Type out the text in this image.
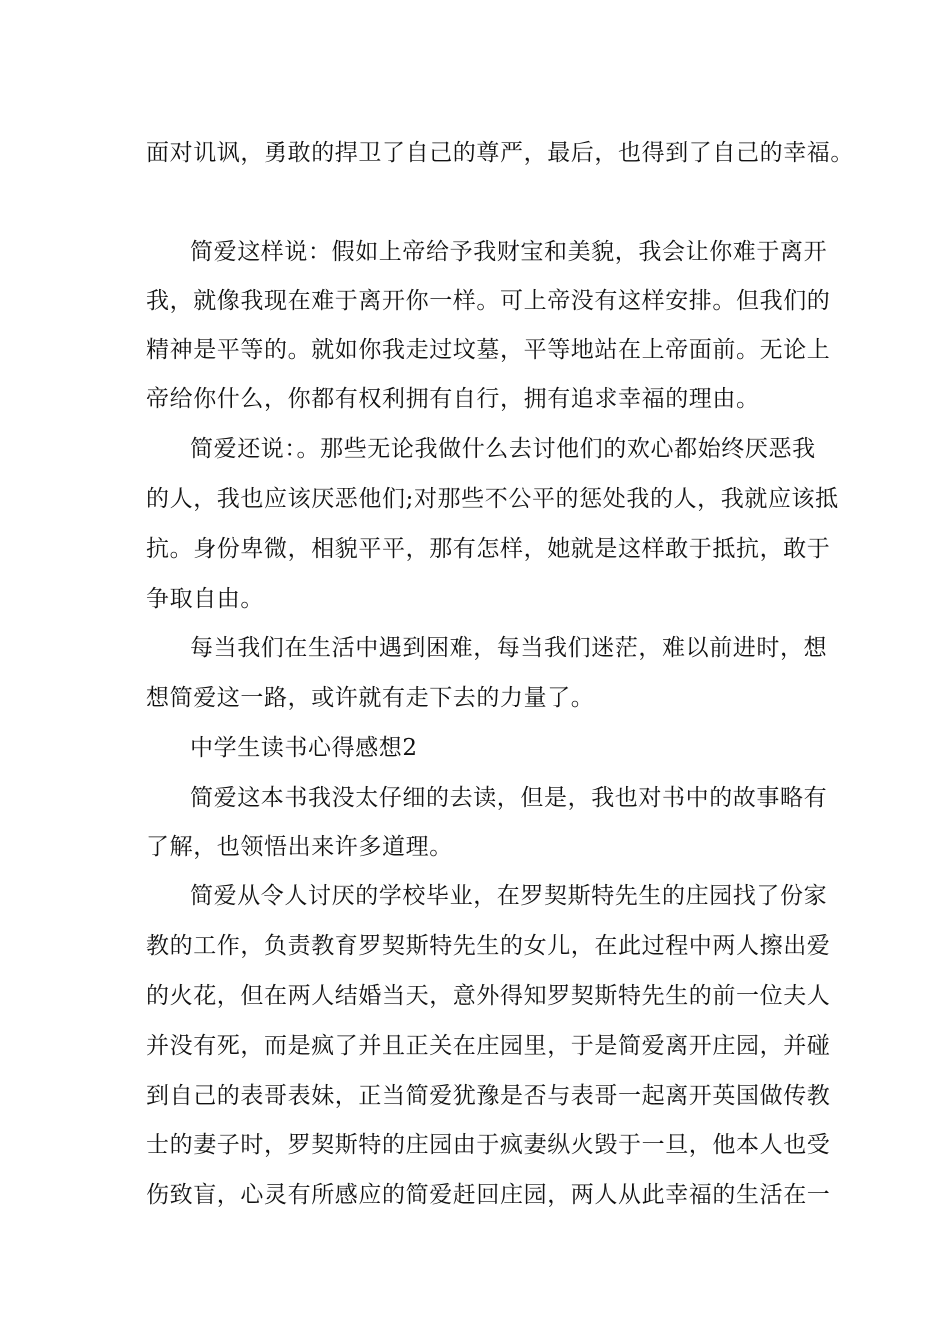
面对讥讽，勇敢的捍卫了自己的尊严，最后，也得到了自己的幸福。
简爱这样说：假如上帝给予我财宝和美貌，我会让你难于离开
我，就像我现在难于离开你一样。可上帝没有这样安排。但我们的
精神是平等的。就如你我走过坟墓，平等地站在上帝面前。无论上
帝给你什么，你都有权利拥有自行，拥有追求幸福的理由。
简爱还说：。那些无论我做什么去讨他们的欢心都始终厌恶我
的人，我也应该厌恶他们;对那些不公平的惩处我的人，我就应该抵
抗。身份卑微，相貌平平，那有怎样，她就是这样敢于抵抗，敢于
争取自由。
每当我们在生活中遇到困难，每当我们迷茫，难以前进时，想
想简爱这一路，或许就有走下去的力量了。
中学生读书心得感想2
简爱这本书我没太仔细的去读，但是，我也对书中的故事略有
了解，也领悟出来许多道理。
简爱从令人讨厌的学校毕业，在罗契斯特先生的庄园找了份家
教的工作，负责教育罗契斯特先生的女儿，在此过程中两人擦出爱
的火花，但在两人结婚当天，意外得知罗契斯特先生的前一位夫人
并没有死，而是疯了并且正关在庄园里，于是简爱离开庄园，并碰
到自己的表哥表妹，正当简爱犹豫是否与表哥一起离开英国做传教
士的妻子时，罗契斯特的庄园由于疯妻纵火毁于一旦，他本人也受
伤致盲，心灵有所感应的简爱赶回庄园，两人从此幸福的生活在一
